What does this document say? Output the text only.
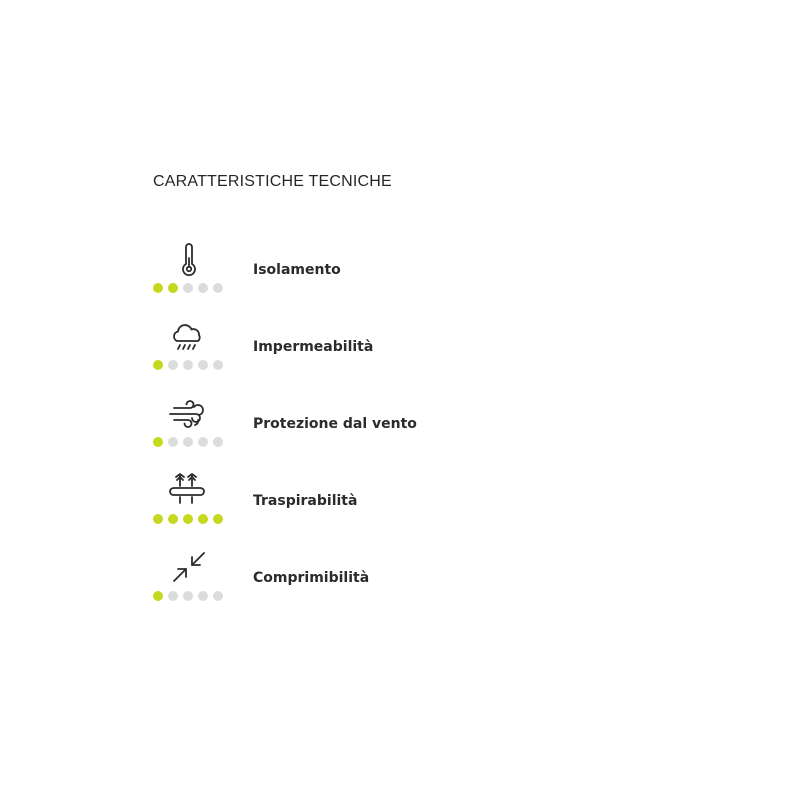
CARATTERISTICHE TECNICHE
Isolamento
Impermeabilità
Protezione dal vento
Traspirabilità
Comprimibilità
